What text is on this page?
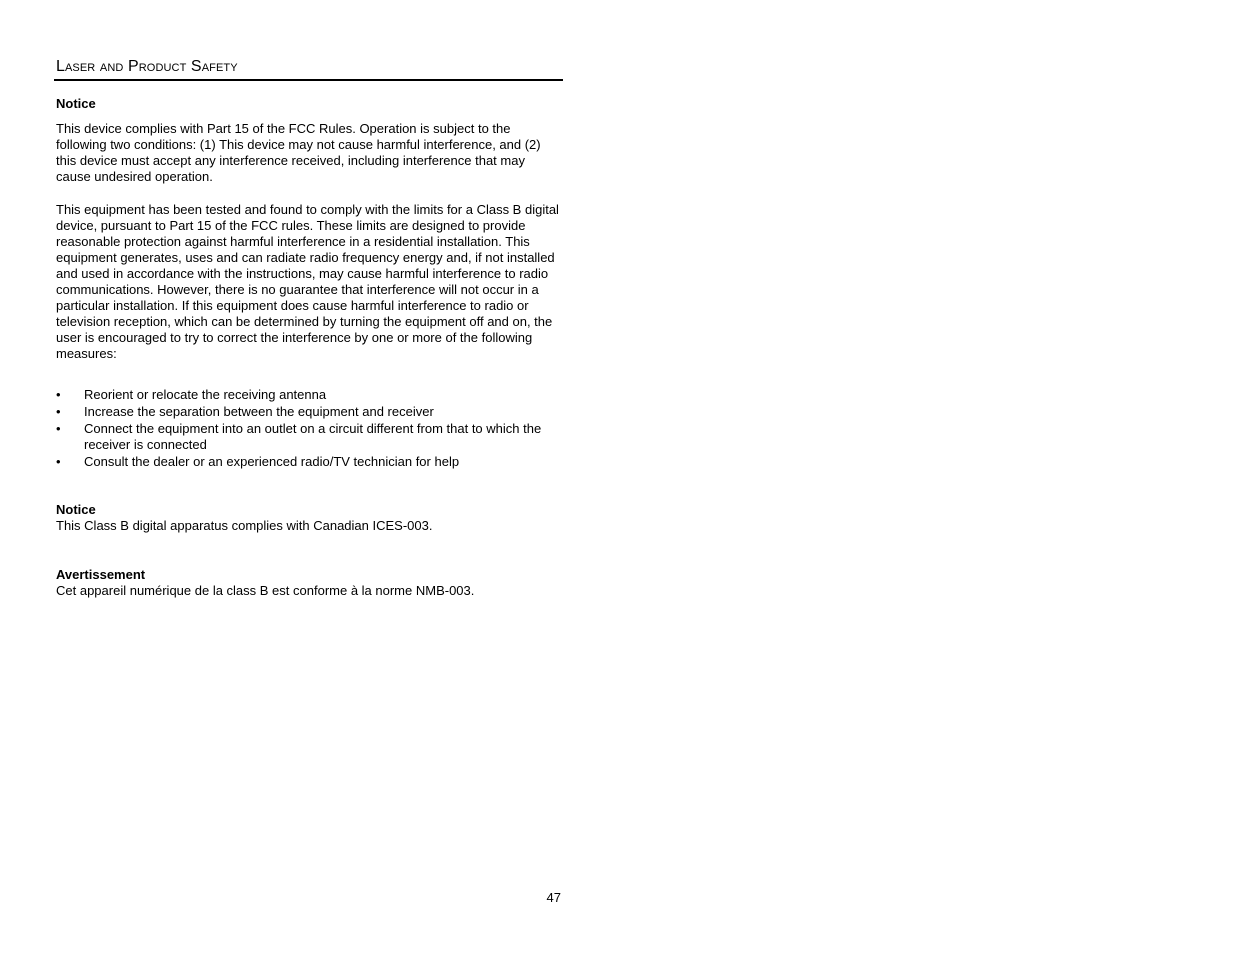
Laser and Product Safety
Notice
This device complies with Part 15 of the FCC Rules. Operation is subject to the following two conditions: (1) This device may not cause harmful interference, and (2) this device must accept any interference received, including interference that may cause undesired operation.
This equipment has been tested and found to comply with the limits for a Class B digital device, pursuant to Part 15 of the FCC rules. These limits are designed to provide reasonable protection against harmful interference in a residential installation. This equipment generates, uses and can radiate radio frequency energy and, if not installed and used in accordance with the instructions, may cause harmful interference to radio communications. However, there is no guarantee that interference will not occur in a particular installation. If this equipment does cause harmful interference to radio or television reception, which can be determined by turning the equipment off and on, the user is encouraged to try to correct the interference by one or more of the following measures:
•	Reorient or relocate the receiving antenna
•	Increase the separation between the equipment and receiver
•	Connect the equipment into an outlet on a circuit different from that to which the receiver is connected
•	Consult the dealer or an experienced radio/TV technician for help
Notice
This Class B digital apparatus complies with Canadian ICES-003.
Avertissement
Cet appareil numérique de la class B est conforme à la norme NMB-003.
47
